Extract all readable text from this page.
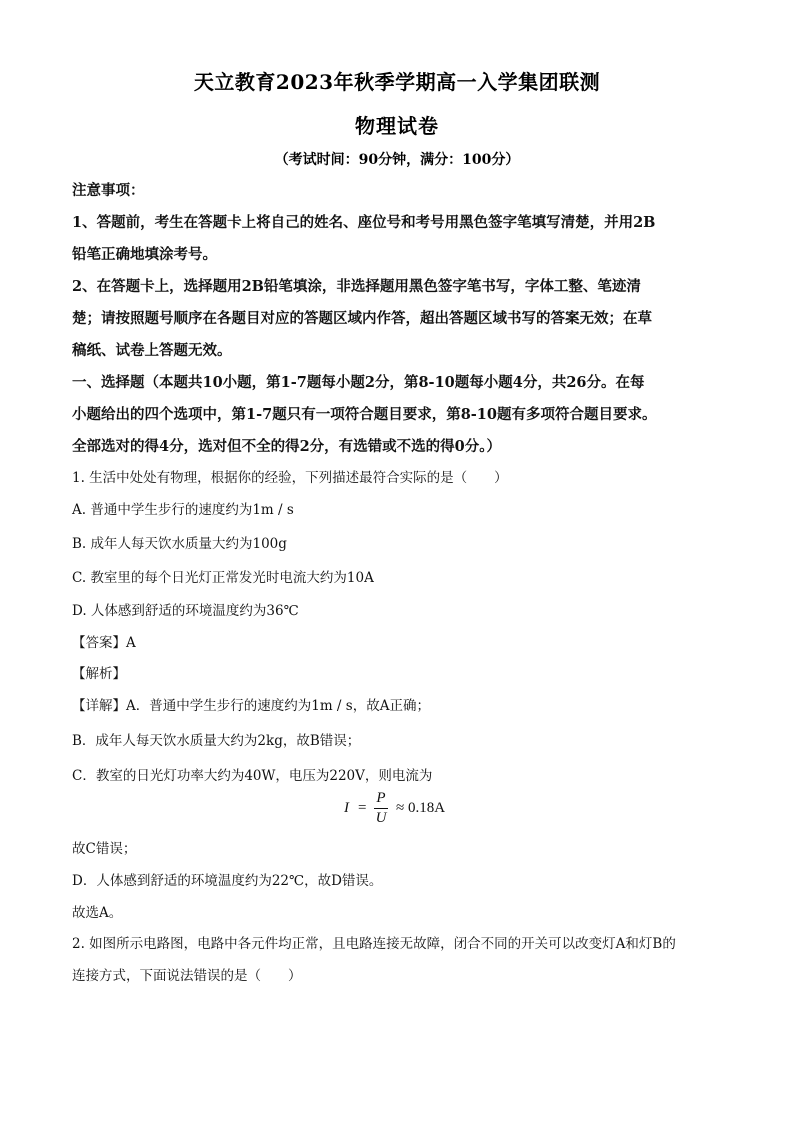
天立教育2023年秋季学期高一入学集团联测
物理试卷
（考试时间：90分钟，满分：100分）
注意事项：
1、答题前，考生在答题卡上将自己的姓名、座位号和考号用黑色签字笔填写清楚，并用2B
铅笔正确地填涂考号。
2、在答题卡上，选择题用2B铅笔填涂，非选择题用黑色签字笔书写，字体工整、笔迹清
楚；请按照题号顺序在各题目对应的答题区域内作答，超出答题区域书写的答案无效；在草
稿纸、试卷上答题无效。
一、选择题（本题共10小题，第1-7题每小题2分，第8-10题每小题4分，共26分。在每
小题给出的四个选项中，第1-7题只有一项符合题目要求，第8-10题有多项符合题目要求。
全部选对的得4分，选对但不全的得2分，有选错或不选的得0分。）
1. 生活中处处有物理，根据你的经验，下列描述最符合实际的是（　　）
A. 普通中学生步行的速度约为1m / s
B. 成年人每天饮水质量大约为100g
C. 教室里的每个日光灯正常发光时电流大约为10A
D. 人体感到舒适的环境温度约为36℃
【答案】A
【解析】
【详解】A．普通中学生步行的速度约为1m / s，故A正确；
B．成年人每天饮水质量大约为2kg，故B错误；
C．教室的日光灯功率大约为40W，电压为220V，则电流为
I =
P
U
≈ 0.18A
故C错误；
D．人体感到舒适的环境温度约为22℃，故D错误。
故选A。
2. 如图所示电路图，电路中各元件均正常，且电路连接无故障，闭合不同的开关可以改变灯A和灯B的
连接方式，下面说法错误的是（　　）
